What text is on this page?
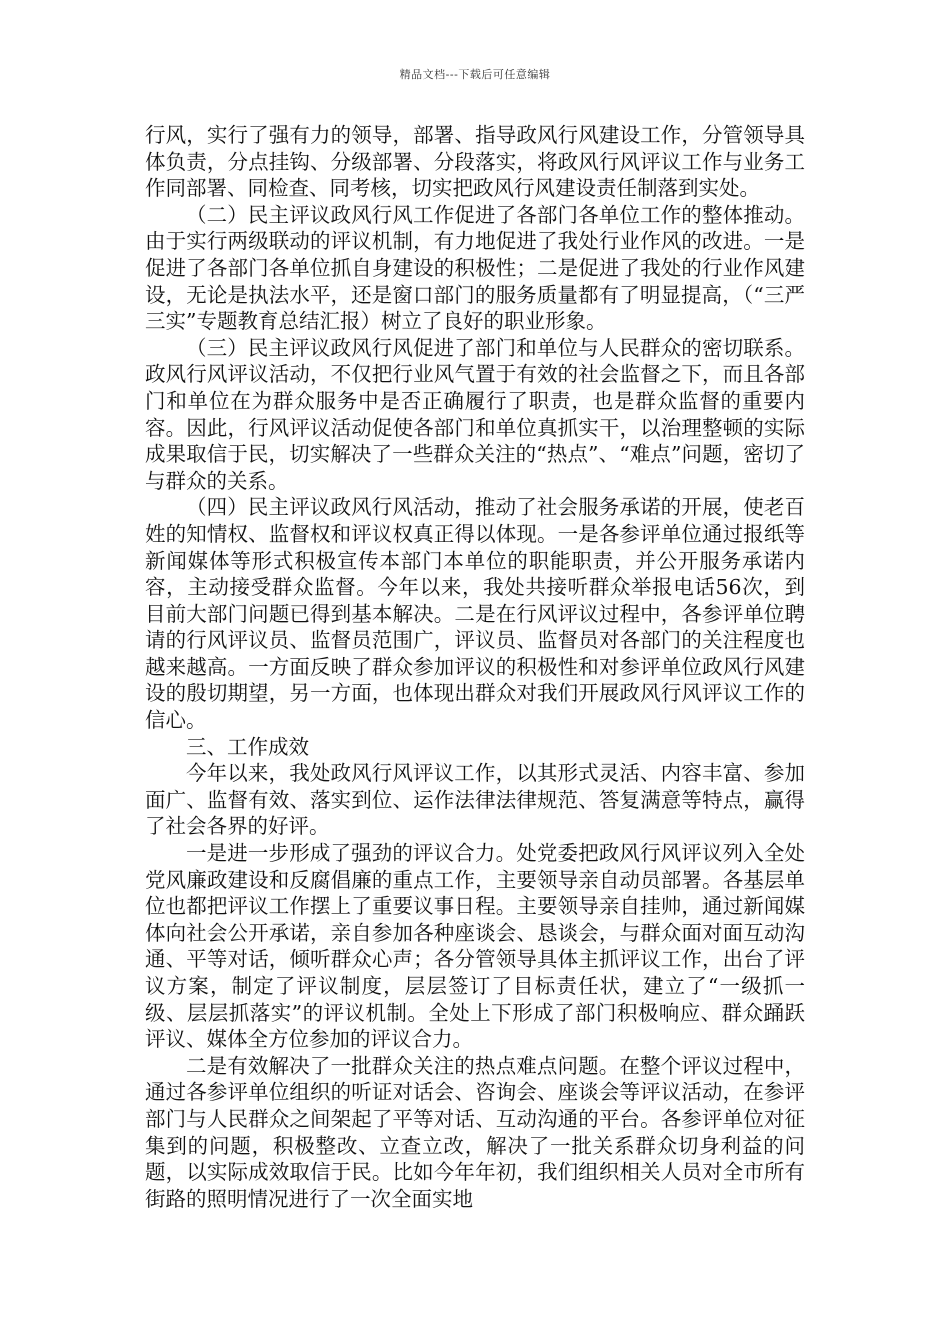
精品文档---下载后可任意编辑

行风，实行了强有力的领导，部署、指导政风行风建设工作，分管领导具体负责，分点挂钩、分级部署、分段落实，将政风行风评议工作与业务工作同部署、同检查、同考核，切实把政风行风建设责任制落到实处。

（二）民主评议政风行风工作促进了各部门各单位工作的整体推动。由于实行两级联动的评议机制，有力地促进了我处行业作风的改进。一是促进了各部门各单位抓自身建设的积极性；二是促进了我处的行业作风建设，无论是执法水平，还是窗口部门的服务质量都有了明显提高，（“三严三实”专题教育总结汇报）树立了良好的职业形象。

（三）民主评议政风行风促进了部门和单位与人民群众的密切联系。政风行风评议活动，不仅把行业风气置于有效的社会监督之下，而且各部门和单位在为群众服务中是否正确履行了职责，也是群众监督的重要内容。因此，行风评议活动促使各部门和单位真抓实干，以治理整顿的实际成果取信于民，切实解决了一些群众关注的“热点”、“难点”问题，密切了与群众的关系。

（四）民主评议政风行风活动，推动了社会服务承诺的开展，使老百姓的知情权、监督权和评议权真正得以体现。一是各参评单位通过报纸等新闻媒体等形式积极宣传本部门本单位的职能职责，并公开服务承诺内容，主动接受群众监督。今年以来，我处共接听群众举报电话56次，到目前大部门问题已得到基本解决。二是在行风评议过程中，各参评单位聘请的行风评议员、监督员范围广，评议员、监督员对各部门的关注程度也越来越高。一方面反映了群众参加评议的积极性和对参评单位政风行风建设的殷切期望，另一方面，也体现出群众对我们开展政风行风评议工作的信心。

三、工作成效

今年以来，我处政风行风评议工作，以其形式灵活、内容丰富、参加面广、监督有效、落实到位、运作法律法律规范、答复满意等特点，赢得了社会各界的好评。

一是进一步形成了强劲的评议合力。处党委把政风行风评议列入全处党风廉政建设和反腐倡廉的重点工作，主要领导亲自动员部署。各基层单位也都把评议工作摆上了重要议事日程。主要领导亲自挂帅，通过新闻媒体向社会公开承诺，亲自参加各种座谈会、恳谈会，与群众面对面互动沟通、平等对话，倾听群众心声；各分管领导具体主抓评议工作，出台了评议方案，制定了评议制度，层层签订了目标责任状，建立了“一级抓一级、层层抓落实”的评议机制。全处上下形成了部门积极响应、群众踊跃评议、媒体全方位参加的评议合力。

二是有效解决了一批群众关注的热点难点问题。在整个评议过程中，通过各参评单位组织的听证对话会、咨询会、座谈会等评议活动，在参评部门与人民群众之间架起了平等对话、互动沟通的平台。各参评单位对征集到的问题，积极整改、立查立改，解决了一批关系群众切身利益的问题，以实际成效取信于民。比如今年年初，我们组织相关人员对全市所有街路的照明情况进行了一次全面实地
